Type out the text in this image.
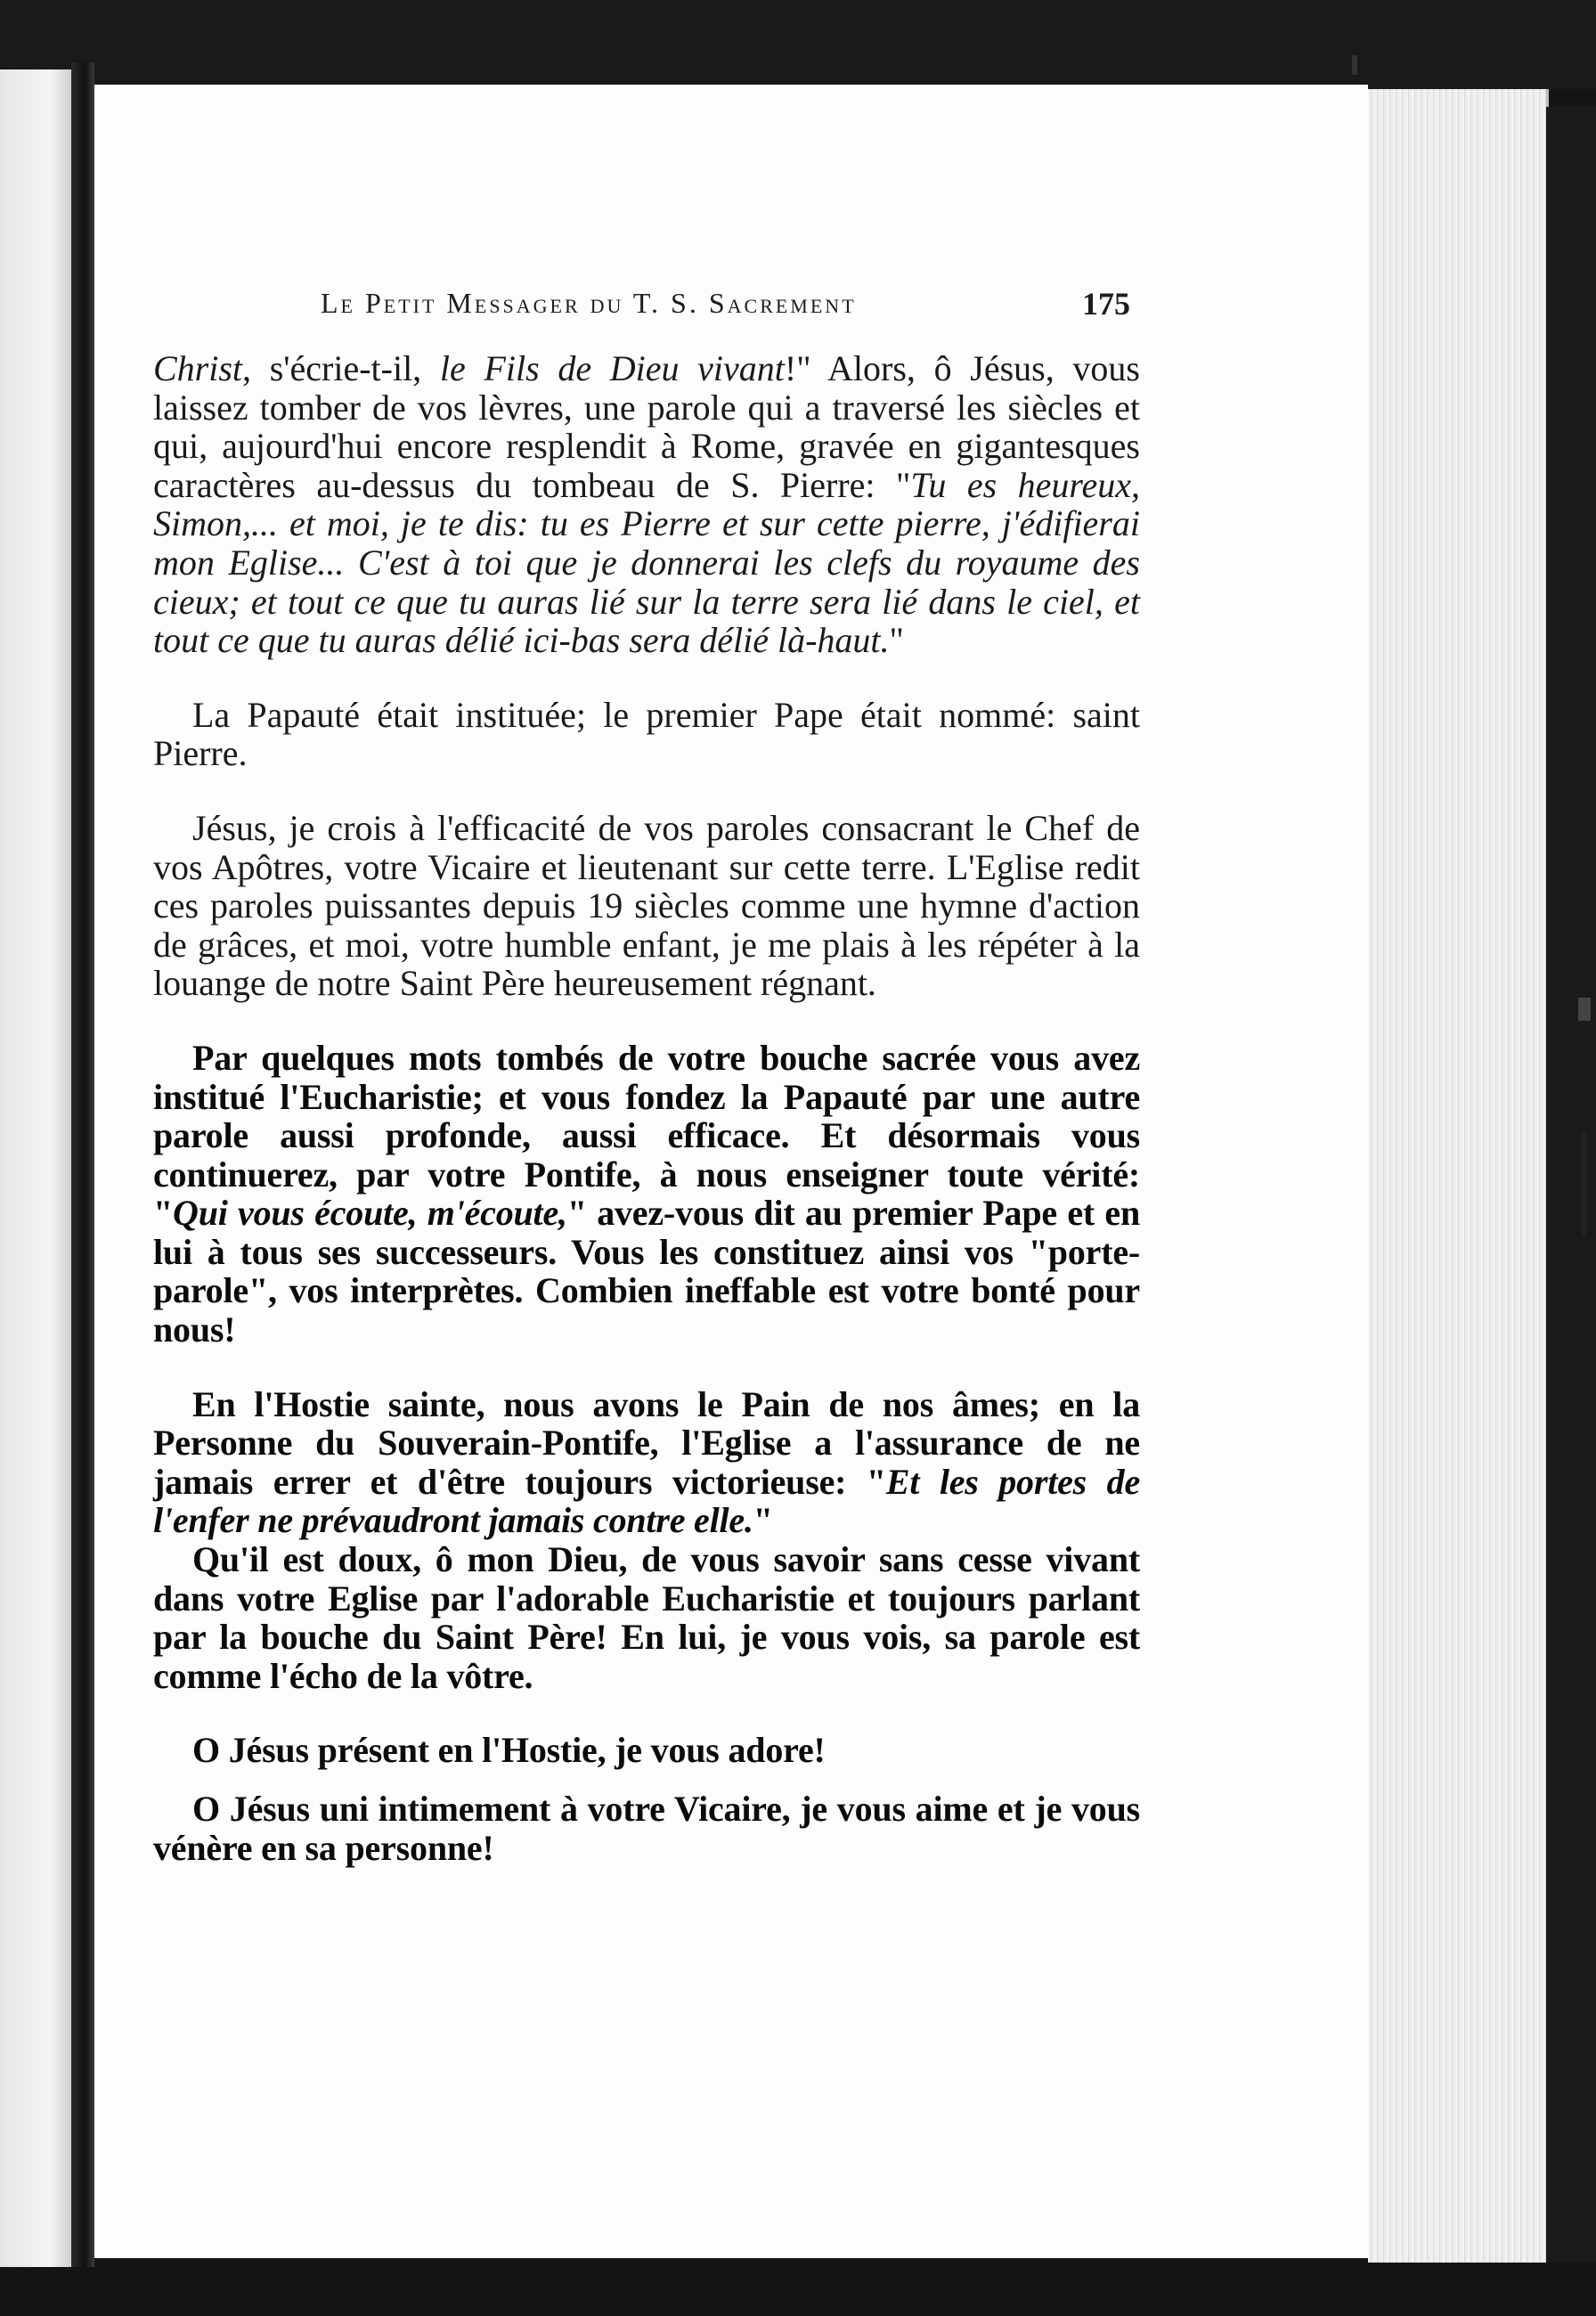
Le Petit Messager du T. S. Sacrement	175

Christ, s'écrie-t-il, le Fils de Dieu vivant!" Alors, ô Jésus, vous laissez tomber de vos lèvres, une parole qui a traversé les siècles et qui, aujourd'hui encore resplendit à Rome, gravée en gigantesques caractères au-dessus du tombeau de S. Pierre: "Tu es heureux, Simon,... et moi, je te dis: tu es Pierre et sur cette pierre, j'édifierai mon Eglise... C'est à toi que je donnerai les clefs du royaume des cieux; et tout ce que tu auras lié sur la terre sera lié dans le ciel, et tout ce que tu auras délié ici-bas sera délié là-haut."

La Papauté était instituée; le premier Pape était nommé: saint Pierre.

Jésus, je crois à l'efficacité de vos paroles consacrant le Chef de vos Apôtres, votre Vicaire et lieutenant sur cette terre. L'Eglise redit ces paroles puissantes depuis 19 siècles comme une hymne d'action de grâces, et moi, votre humble enfant, je me plais à les répéter à la louange de notre Saint Père heureusement régnant.

Par quelques mots tombés de votre bouche sacrée vous avez institué l'Eucharistie; et vous fondez la Papauté par une autre parole aussi profonde, aussi efficace. Et désormais vous continuerez, par votre Pontife, à nous enseigner toute vérité: "Qui vous écoute, m'écoute," avez-vous dit au premier Pape et en lui à tous ses successeurs. Vous les constituez ainsi vos "porte-parole", vos interprètes. Combien ineffable est votre bonté pour nous!

En l'Hostie sainte, nous avons le Pain de nos âmes; en la Personne du Souverain-Pontife, l'Eglise a l'assurance de ne jamais errer et d'être toujours victorieuse: "Et les portes de l'enfer ne prévaudront jamais contre elle."

Qu'il est doux, ô mon Dieu, de vous savoir sans cesse vivant dans votre Eglise par l'adorable Eucharistie et toujours parlant par la bouche du Saint Père! En lui, je vous vois, sa parole est comme l'écho de la vôtre.

O Jésus présent en l'Hostie, je vous adore!

O Jésus uni intimement à votre Vicaire, je vous aime et je vous vénère en sa personne!
